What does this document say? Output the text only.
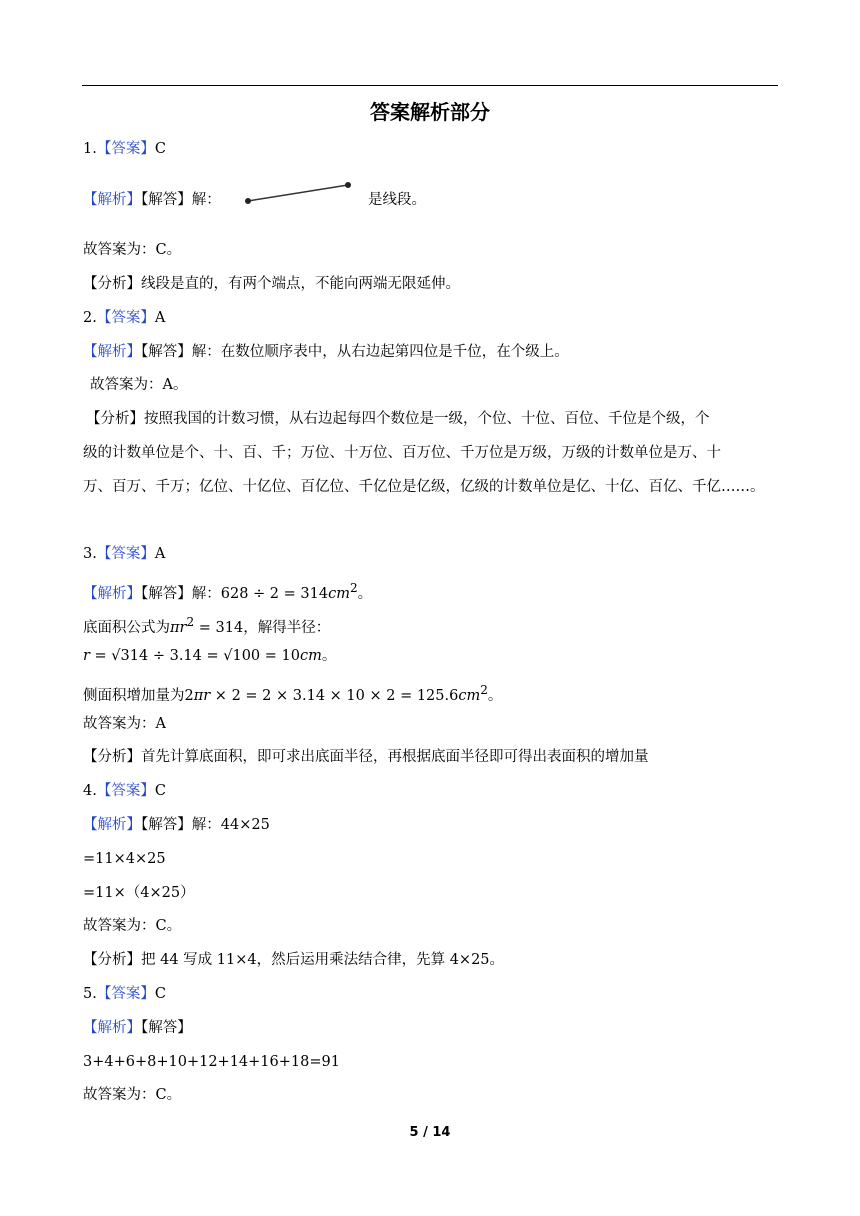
答案解析部分
1.【答案】C
【解析】【解答】解：	是线段。
故答案为：C。
【分析】线段是直的，有两个端点，不能向两端无限延伸。
2.【答案】A
【解析】【解答】解：在数位顺序表中，从右边起第四位是千位，在个级上。
故答案为：A。
【分析】按照我国的计数习惯，从右边起每四个数位是一级，个位、十位、百位、千位是个级，个
级的计数单位是个、十、百、千；万位、十万位、百万位、千万位是万级，万级的计数单位是万、十
万、百万、千万；亿位、十亿位、百亿位、千亿位是亿级，亿级的计数单位是亿、十亿、百亿、千亿……。
3.【答案】A
【解析】【解答】解：$628 \div 2 = 314cm^2$。
底面积公式为$\pi r^2 = 314$，解得半径：
r = √314 ÷ 3.14 = √100 = 10cm。
侧面积增加量为$2\pi r \times 2 = 2 \times 3.14 \times 10 \times 2 = 125.6cm^2$。
故答案为：A
【分析】首先计算底面积，即可求出底面半径，再根据底面半径即可得出表面积的增加量
4.【答案】C
【解析】【解答】解：44×25
=11×4×25
=11×（4×25）
故答案为：C。
【分析】把 44 写成 11×4，然后运用乘法结合律，先算 4×25。
5.【答案】C
【解析】【解答】
3+4+6+8+10+12+14+16+18=91
故答案为：C。
5 / 14
